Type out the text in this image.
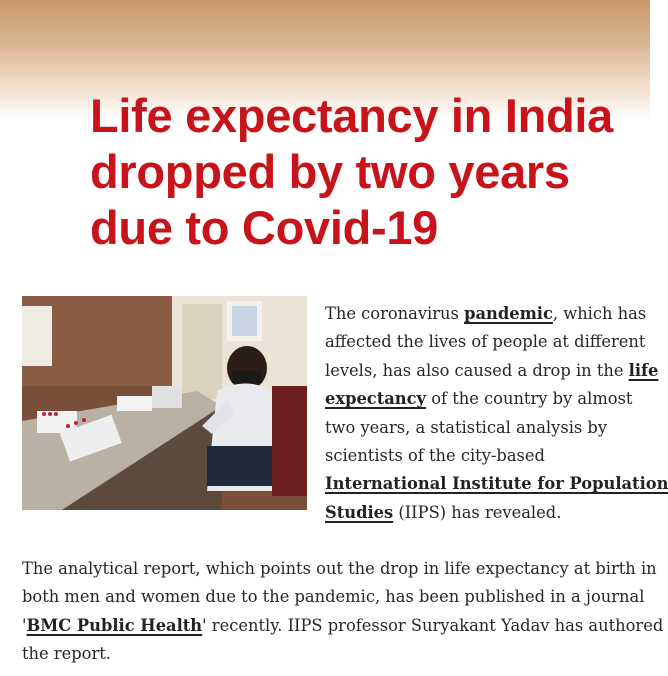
Life expectancy in India
dropped by two years
due to Covid-19
The coronavirus pandemic, which has
affected the lives of people at different
levels, has also caused a drop in the life
expectancy of the country by almost
two years, a statistical analysis by
scientists of the city-based
International Institute for Population
Studies (IIPS) has revealed.
The analytical report, which points out the drop in life expectancy at birth in
both men and women due to the pandemic, has been published in a journal
'BMC Public Health' recently. IIPS professor Suryakant Yadav has authored
the report.
